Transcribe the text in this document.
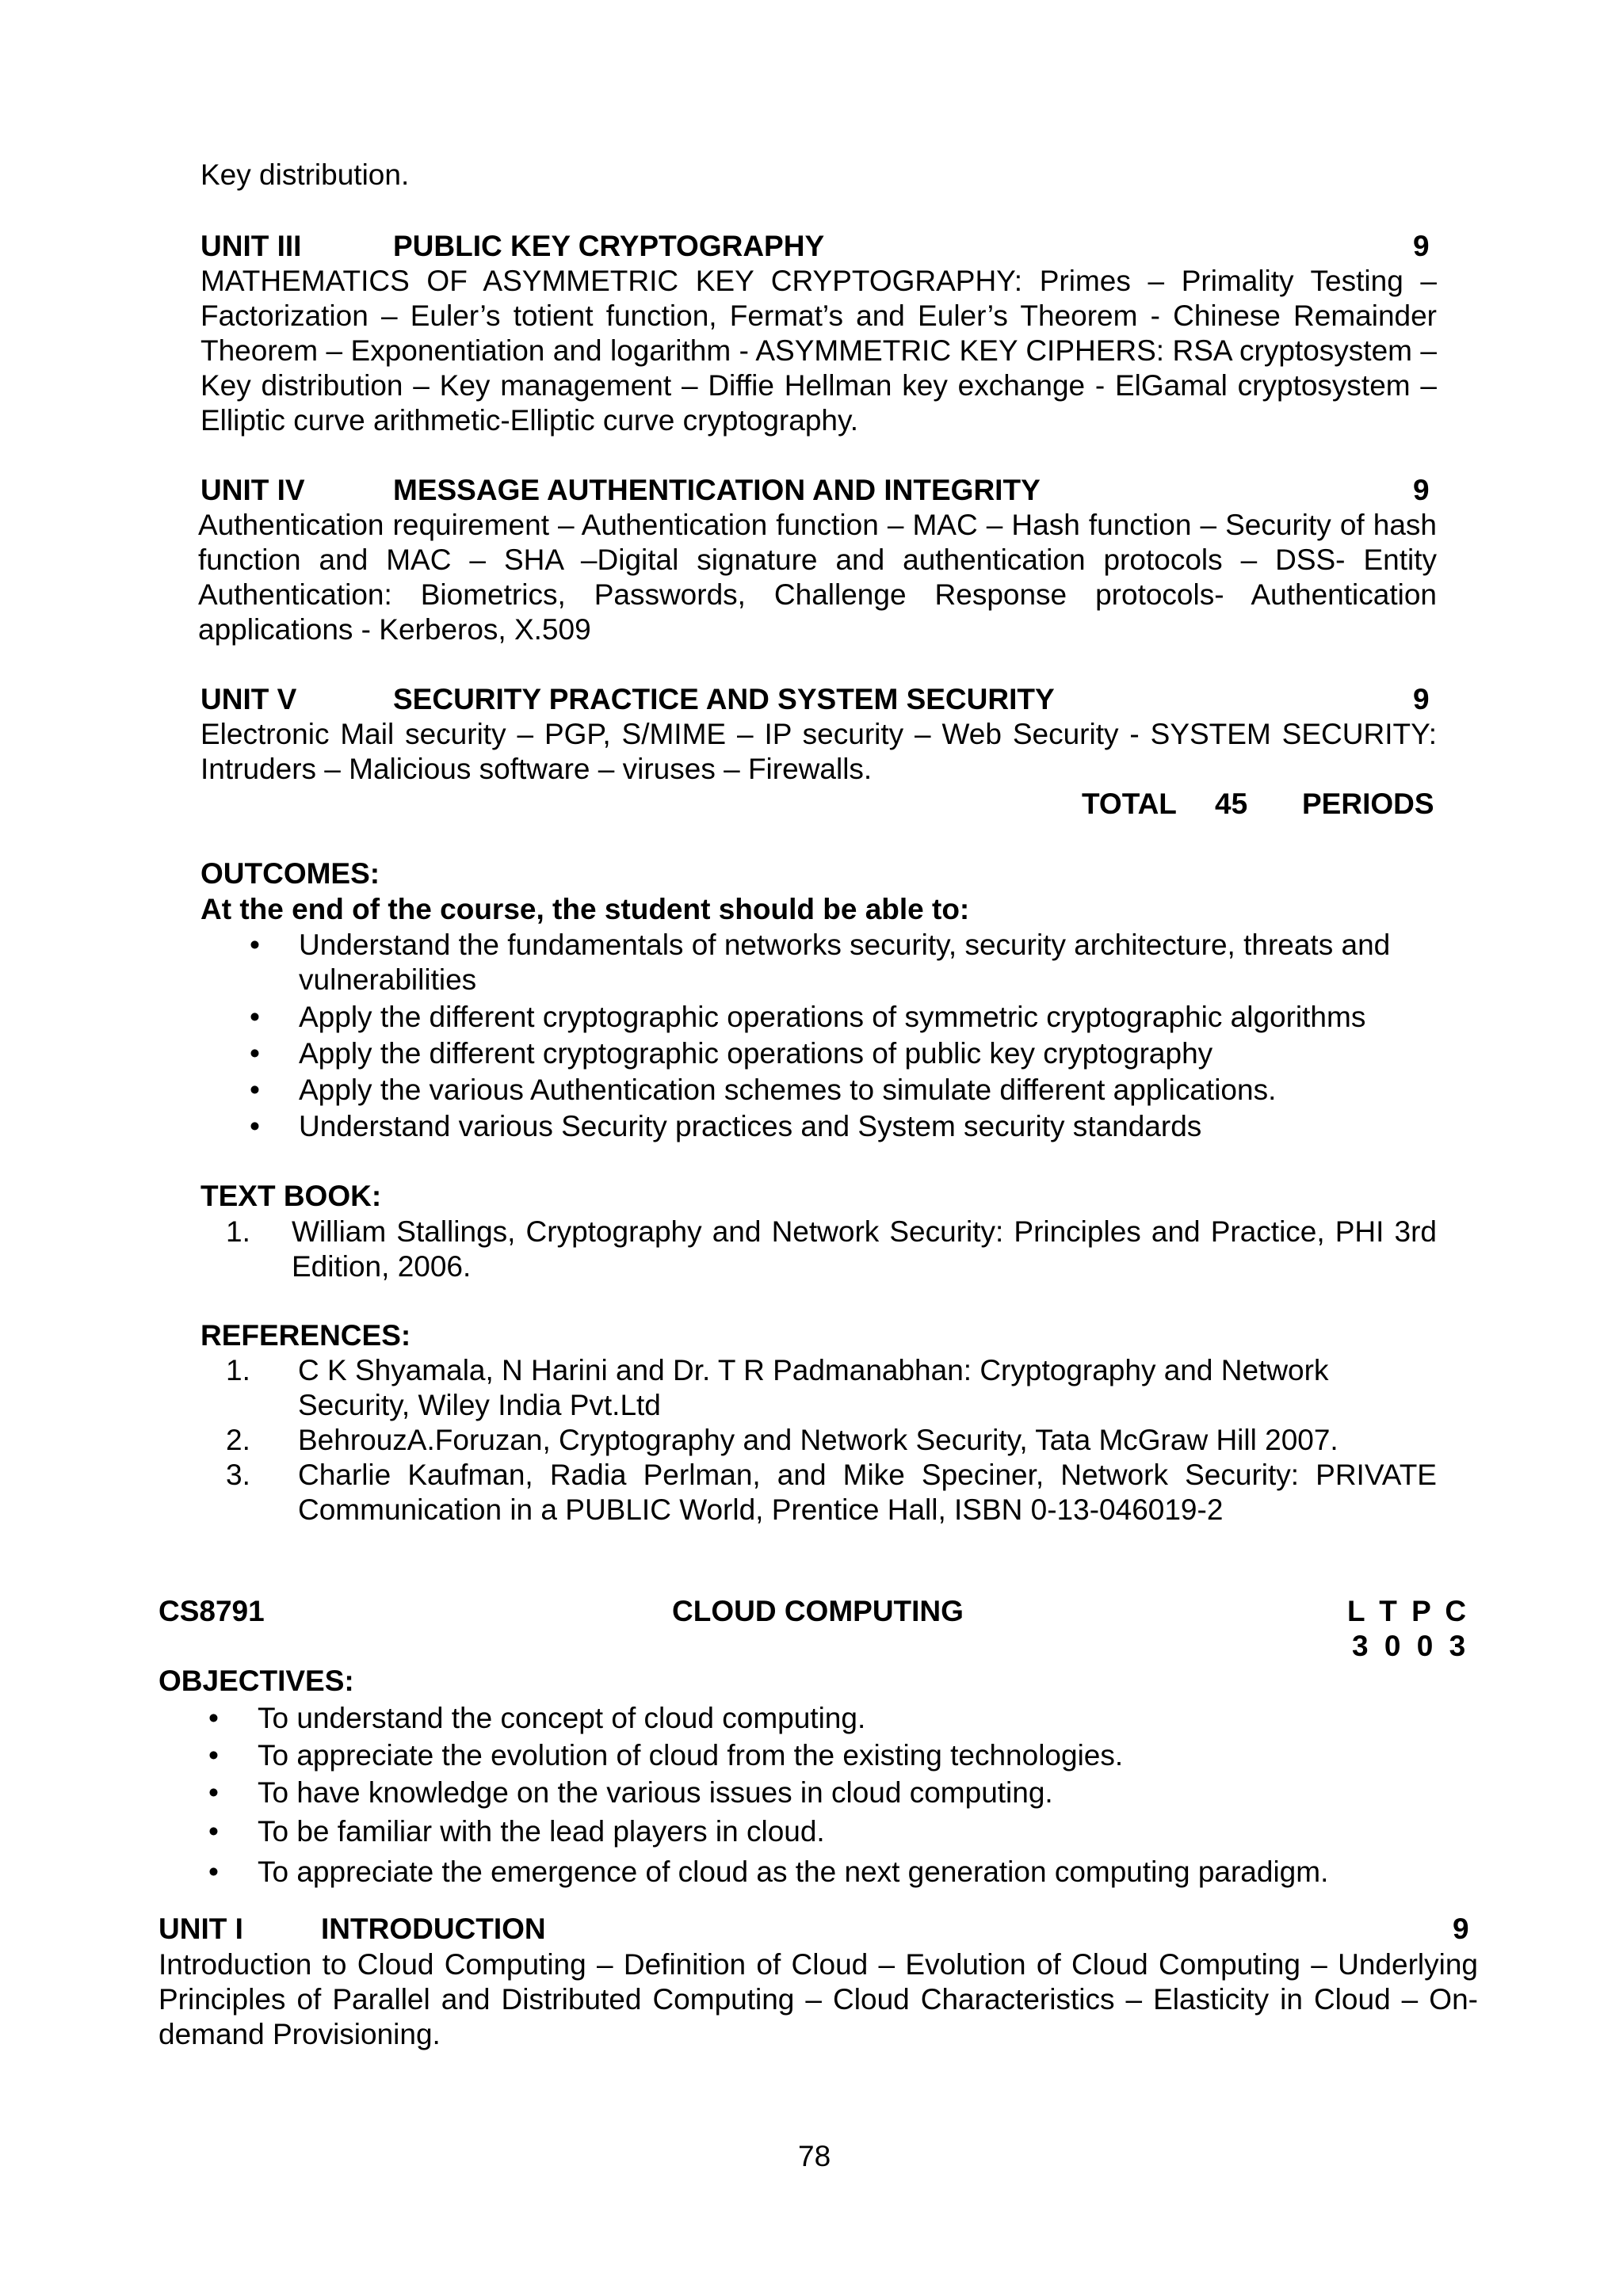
Key distribution.
UNIT III	PUBLIC KEY CRYPTOGRAPHY	9
MATHEMATICS OF ASYMMETRIC KEY CRYPTOGRAPHY: Primes – Primality Testing – Factorization – Euler’s totient function, Fermat’s and Euler’s Theorem - Chinese Remainder Theorem – Exponentiation and logarithm - ASYMMETRIC KEY CIPHERS: RSA cryptosystem – Key distribution – Key management – Diffie Hellman key exchange - ElGamal cryptosystem – Elliptic curve arithmetic-Elliptic curve cryptography.
UNIT IV	MESSAGE AUTHENTICATION AND INTEGRITY	9
Authentication requirement – Authentication function – MAC – Hash function – Security of hash function and MAC – SHA –Digital signature and authentication protocols – DSS- Entity Authentication: Biometrics, Passwords, Challenge Response protocols- Authentication applications - Kerberos, X.509
UNIT V	SECURITY PRACTICE AND SYSTEM SECURITY	9
Electronic Mail security – PGP, S/MIME – IP security – Web Security - SYSTEM SECURITY: Intruders – Malicious software – viruses – Firewalls.
TOTAL 45 PERIODS
OUTCOMES:
At the end of the course, the student should be able to:
•	Understand the fundamentals of networks security, security architecture, threats and vulnerabilities
•	Apply the different cryptographic operations of symmetric cryptographic algorithms
•	Apply the different cryptographic operations of public key cryptography
•	Apply the various Authentication schemes to simulate different applications.
•	Understand various Security practices and System security standards
TEXT BOOK:
1. William Stallings, Cryptography and Network Security: Principles and Practice, PHI 3rd Edition, 2006.
REFERENCES:
1. C K Shyamala, N Harini and Dr. T R Padmanabhan: Cryptography and Network Security, Wiley India Pvt.Ltd
2. BehrouzA.Foruzan, Cryptography and Network Security, Tata McGraw Hill 2007.
3. Charlie Kaufman, Radia Perlman, and Mike Speciner, Network Security: PRIVATE Communication in a PUBLIC World, Prentice Hall, ISBN 0-13-046019-2
CS8791	CLOUD COMPUTING	L T P C
3 0 0 3
OBJECTIVES:
•	To understand the concept of cloud computing.
•	To appreciate the evolution of cloud from the existing technologies.
•	To have knowledge on the various issues in cloud computing.
•	To be familiar with the lead players in cloud.
•	To appreciate the emergence of cloud as the next generation computing paradigm.
UNIT I	INTRODUCTION	9
Introduction to Cloud Computing – Definition of Cloud – Evolution of Cloud Computing – Underlying Principles of Parallel and Distributed Computing – Cloud Characteristics – Elasticity in Cloud – On-demand Provisioning.
78
